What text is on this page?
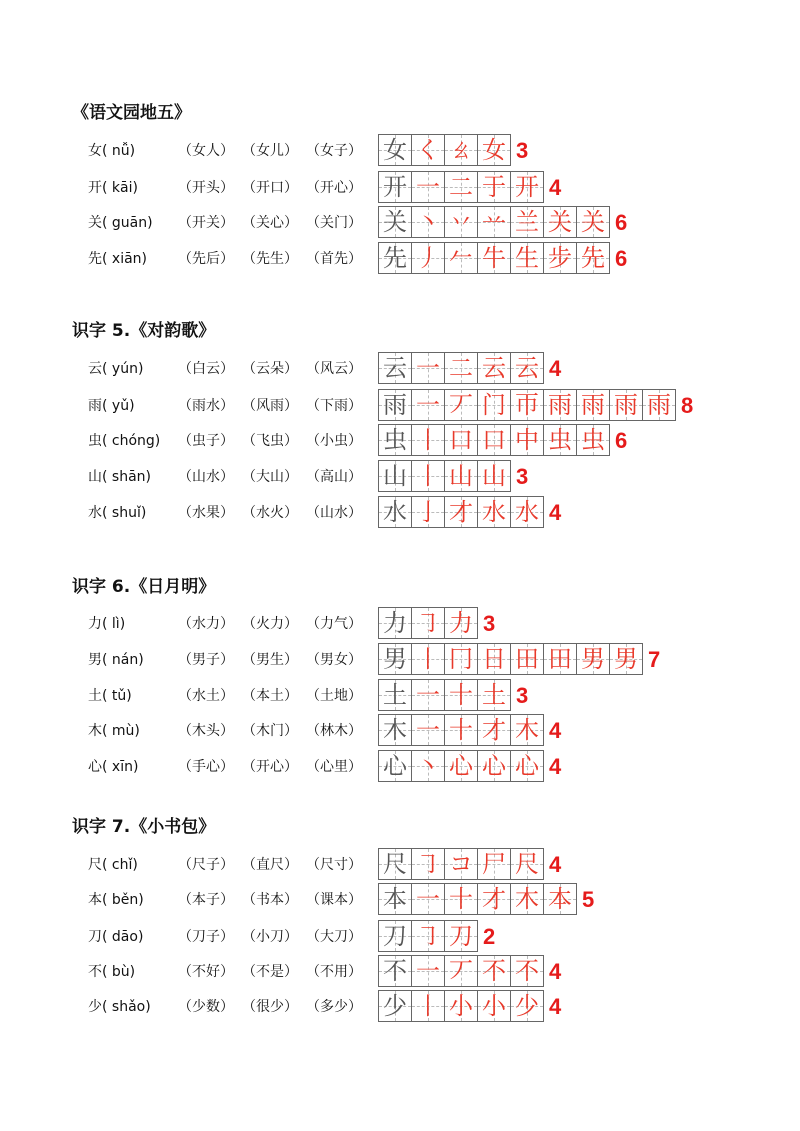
《语文园地五》
女( nǚ)	（女人） （女儿） （女子） 女 く ㄠ 女 3
开( kāi)	（开头） （开口） （开心） 开 一 二 于 开 4
关( guān) （开关） （关心） （关门） 关 丶 丷 䒑 兰 关 关 6
先( xiān) （先后） （先生） （首先） 先 丿 𠂉 牛 生 步 先 6
识字 5.《对韵歌》
云( yún) （白云） （云朵） （风云） 云 一 二 云 云 4
雨( yǔ)	（雨水） （风雨） （下雨） 雨 一 丆 门 帀 雨 雨 雨 雨 8
虫( chóng) （虫子） （飞虫） （小虫） 虫 丨 口 口 中 虫 虫 6
山( shān) （山水） （大山） （高山） 山 丨 山 山 3
水( shuǐ) （水果） （水火） （山水） 水 亅 才 水 水 4
识字 6.《日月明》
力( lì)	（水力） （火力） （力气） 力 ㇆ 力 3
男( nán) （男子） （男生） （男女） 男 丨 冂 日 田 田 男 男 7
土( tǔ)	（水土） （本土） （土地） 土 一 十 土 3
木( mù)	（木头） （木门） （林木） 木 一 十 才 木 4
心( xīn)	（手心） （开心） （心里） 心 丶 心 心 心 4
识字 7.《小书包》
尺( chǐ)	（尺子） （直尺） （尺寸） 尺 ㇆ コ 尸 尺 4
本( běn) （本子） （书本） （课本） 本 一 十 才 木 本 5
刀( dāo) （刀子） （小刀） （大刀） 刀 ㇆ 刀 2
不( bù)	（不好） （不是） （不用） 不 一 丆 不 不 4
少( shǎo) （少数） （很少） （多少） 少 丨 小 小 少 4
